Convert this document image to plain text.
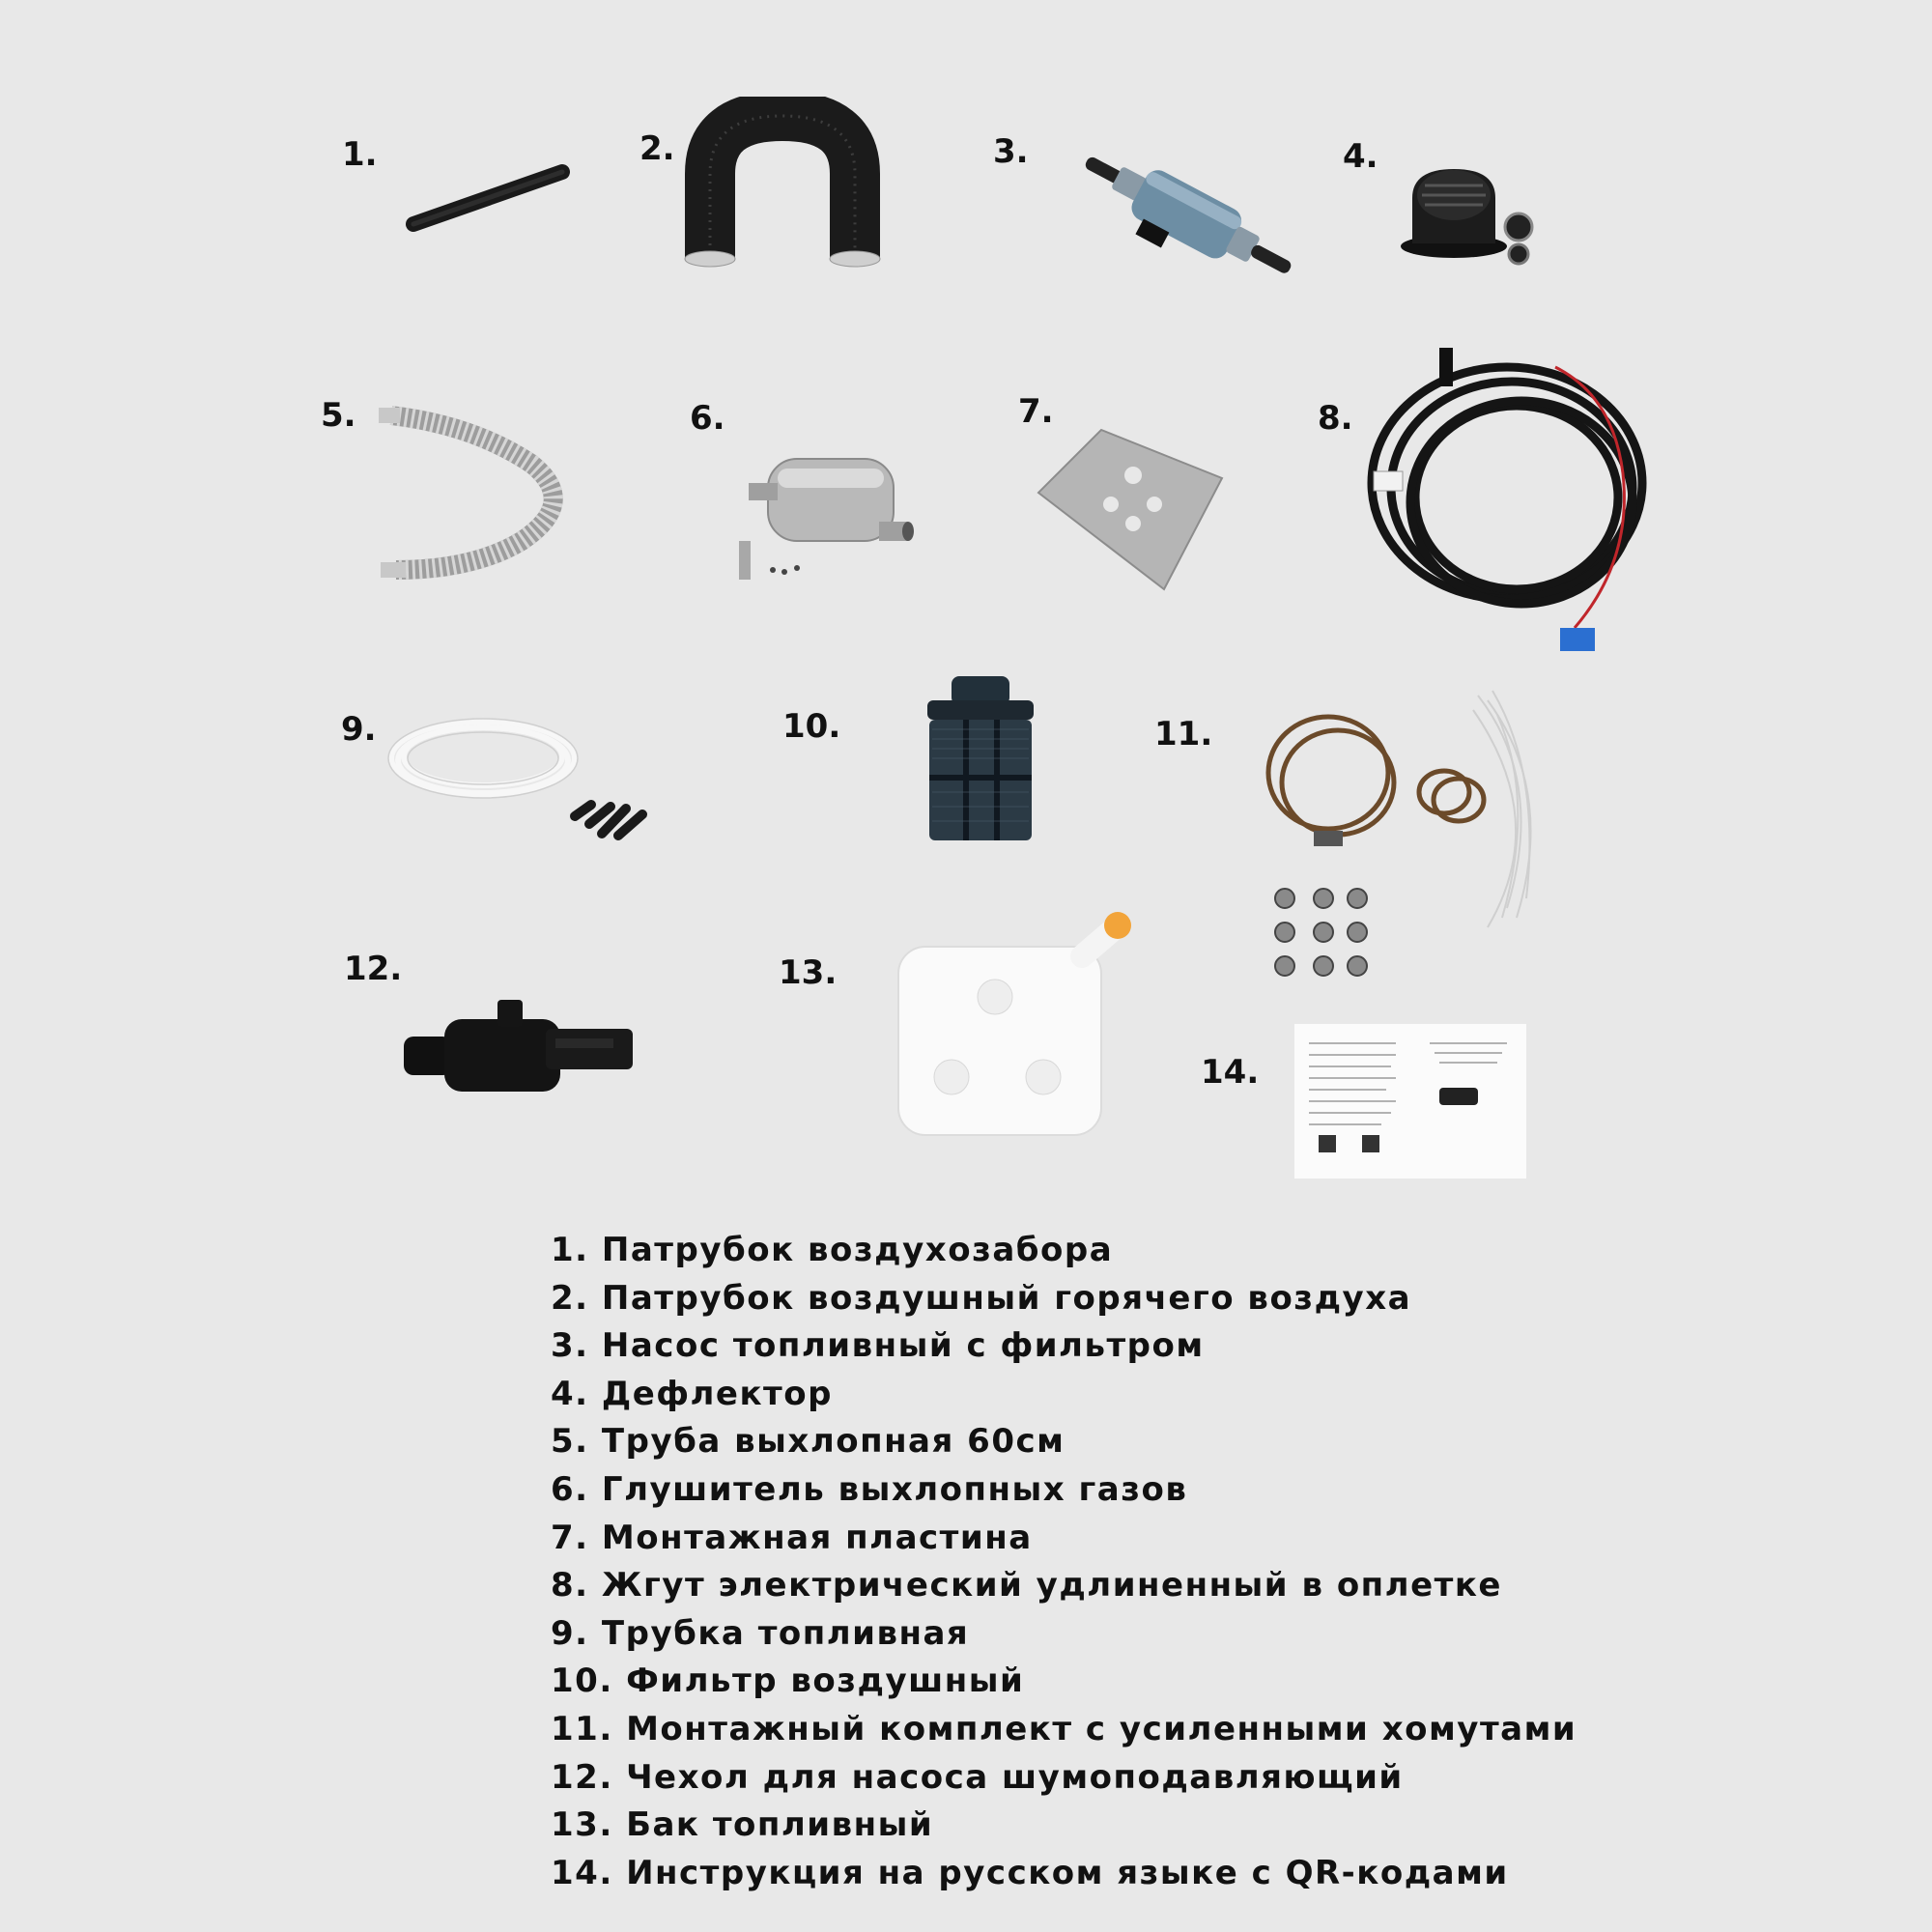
1.	2.	3.	4.
5.	6.	7.	8.
9.	10.	11.
12.	13.
14.
1. Патрубок воздухозабора
2. Патрубок воздушный горячего воздуха
3. Насос топливный с фильтром
4. Дефлектор
5. Труба выхлопная 60см
6. Глушитель выхлопных газов
7. Монтажная пластина
8. Жгут электрический удлиненный в оплетке
9. Трубка топливная
10. Фильтр воздушный
11. Монтажный комплект с усиленными хомутами
12. Чехол для насоса шумоподавляющий
13. Бак топливный
14. Инструкция на русском языке с QR-кодами
